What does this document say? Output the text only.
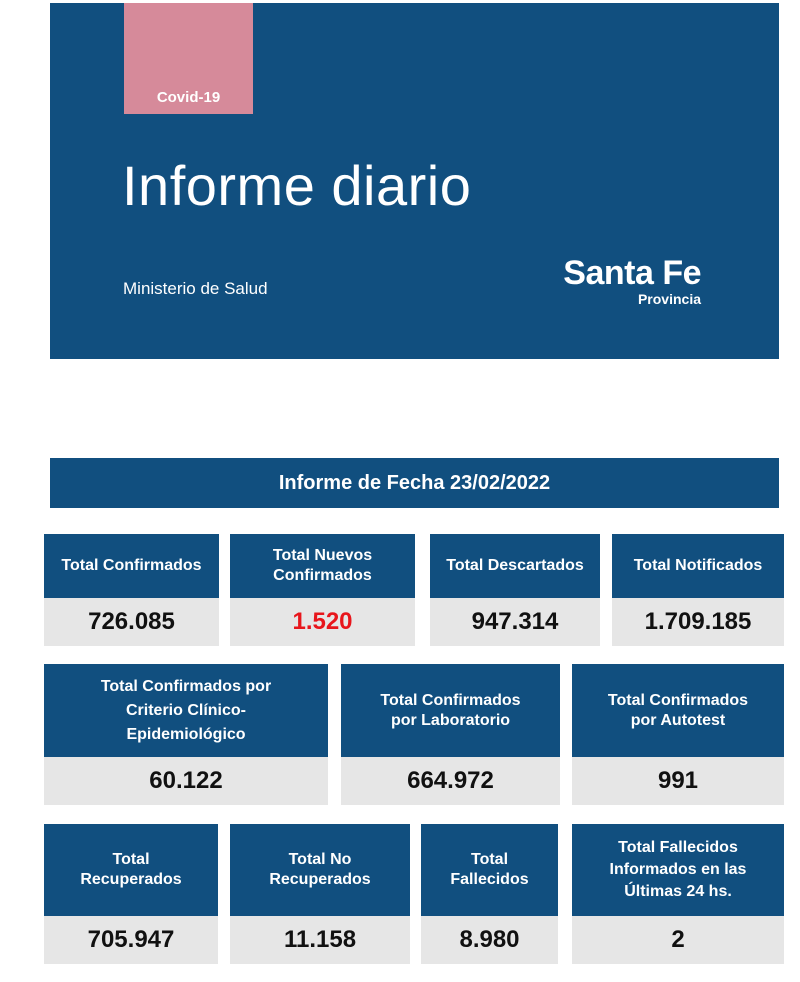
Covid-19
Informe diario
Ministerio de Salud	Santa Fe
Provincia
Informe de Fecha 23/02/2022
Total Confirmados
726.085
Total Nuevos Confirmados
1.520
Total Descartados
947.314
Total Notificados
1.709.185
Total Confirmados por Criterio Clínico-Epidemiológico
60.122
Total Confirmados por Laboratorio
664.972
Total Confirmados por Autotest
991
Total Recuperados
705.947
Total No Recuperados
11.158
Total Fallecidos
8.980
Total Fallecidos Informados en las Últimas 24 hs.
2
